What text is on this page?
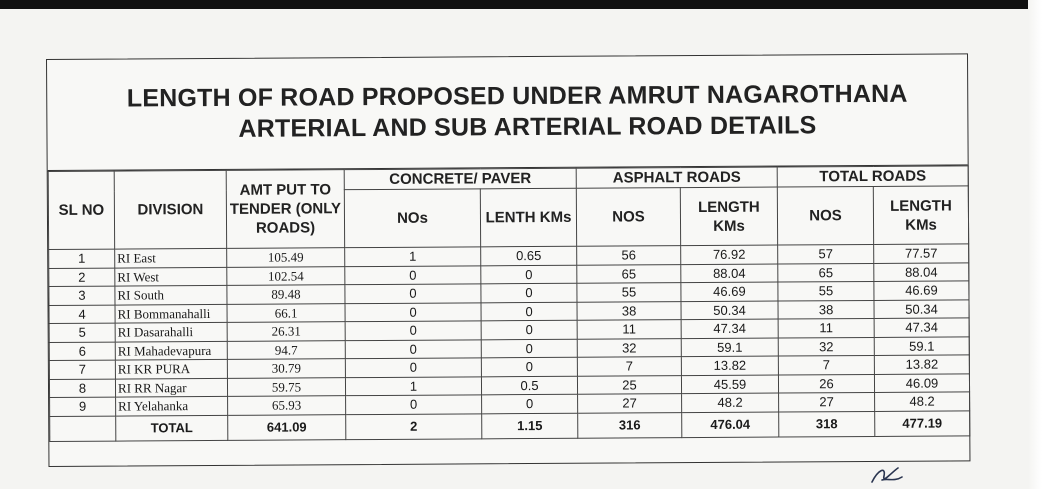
LENGTH OF ROAD PROPOSED UNDER AMRUT NAGAROTHANA
ARTERIAL AND SUB ARTERIAL ROAD DETAILS
SL NO	DIVISION	AMT PUT TO TENDER (ONLY ROADS)	CONCRETE/ PAVER		ASPHALT ROADS		TOTAL ROADS	
			NOs	LENTH KMs	NOS	LENGTH KMs	NOS	LENGTH KMs
1	RI East	105.49	1	0.65	56	76.92	57	77.57
2	RI West	102.54	0	0	65	88.04	65	88.04
3	RI South	89.48	0	0	55	46.69	55	46.69
4	RI Bommanahalli	66.1	0	0	38	50.34	38	50.34
5	RI Dasarahalli	26.31	0	0	11	47.34	11	47.34
6	RI Mahadevapura	94.7	0	0	32	59.1	32	59.1
7	RI KR PURA	30.79	0	0	7	13.82	7	13.82
8	RI RR Nagar	59.75	1	0.5	25	45.59	26	46.09
9	RI Yelahanka	65.93	0	0	27	48.2	27	48.2
	TOTAL	641.09	2	1.15	316	476.04	318	477.19
